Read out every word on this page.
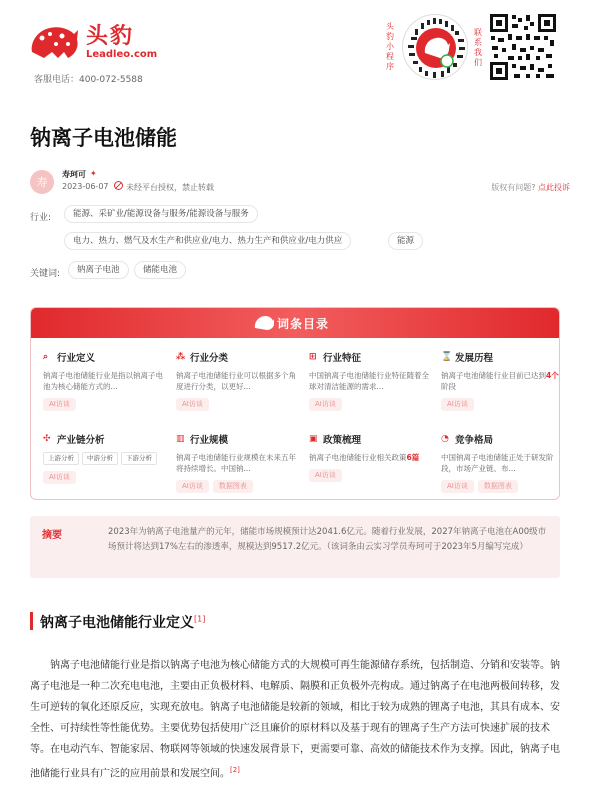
头豹
Leadleo.com
客服电话：400-072-5588
头豹小程序
联系我们
钠离子电池储能
寿
寿珂可 ✦
2023-06-07 未经平台授权，禁止转载	版权有问题? 点此投诉
行业:	能源、采矿业/能源设备与服务/能源设备与服务
电力、热力、燃气及水生产和供应业/电力、热力生产和供应业/电力供应	能源
关键词:	钠离子电池	储能电池
词条目录
⌕ 行业定义
钠离子电池储能行业是指以钠离子电池为核心储能方式的...
AI访谈
⁂ 行业分类
钠离子电池储能行业可以根据多个角度进行分类，以更好...
AI访谈
⊞ 行业特征
中国钠离子电池储能行业特征随着全球对清洁能源的需求...
AI访谈
⌛ 发展历程
钠离子电池储能行业目前已达到4个阶段
AI访谈
✣ 产业链分析
上游分析	中游分析	下游分析
AI访谈
▥ 行业规模
钠离子电池储能行业规模在未来五年将持续增长。中国钠...
AI访谈	数据图表
▣ 政策梳理
钠离子电池储能行业相关政策6篇
AI访谈
◔ 竞争格局
中国钠离子电池储能正处于研发阶段，市场产业链、布...
AI访谈	数据图表
摘要	2023年为钠离子电池量产的元年，储能市场规模预计达2041.6亿元。随着行业发展，2027年钠离子电池在A00级市场预计将达到17%左右的渗透率，规模达到9517.2亿元。（该词条由云实习学员寿珂可于2023年5月编写完成）
钠离子电池储能行业定义[1]
钠离子电池储能行业是指以钠离子电池为核心储能方式的大规模可再生能源储存系统，包括制造、分销和安装等。钠离子电池是一种二次充电电池，主要由正负极材料、电解质、隔膜和正负极外壳构成。通过钠离子在电池两极间转移，发生可逆转的氧化还原反应，实现充放电。钠离子电池储能是较新的领域，相比于较为成熟的锂离子电池，其具有成本、安全性、可持续性等性能优势。主要优势包括使用广泛且廉价的原材料以及基于现有的锂离子生产方法可快速扩展的技术等。在电动汽车、智能家居、物联网等领域的快速发展背景下，更需要可靠、高效的储能技术作为支撑。因此，钠离子电池储能行业具有广泛的应用前景和发展空间。[2]
